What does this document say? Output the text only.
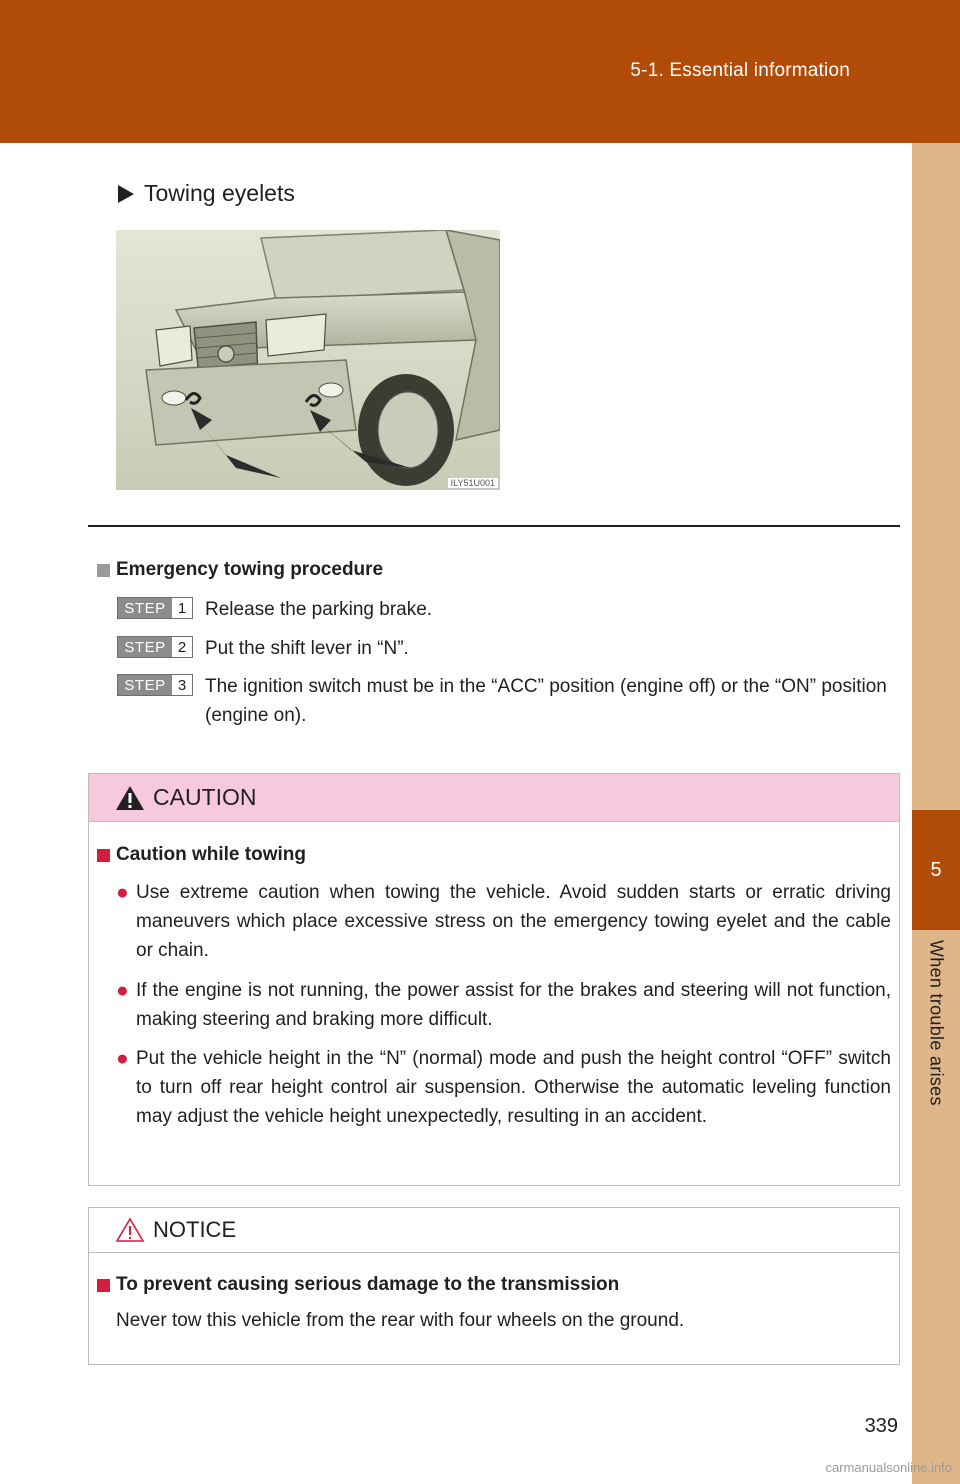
5-1. Essential information
5
When trouble arises
Towing eyelets
ILY51U001
Emergency towing procedure
STEP 1 Release the parking brake.
STEP 2 Put the shift lever in “N”.
STEP 3 The ignition switch must be in the “ACC” position (engine off) or the “ON” position (engine on).
CAUTION
Caution while towing
● Use extreme caution when towing the vehicle. Avoid sudden starts or erratic driving maneuvers which place excessive stress on the emergency towing eyelet and the cable or chain.
● If the engine is not running, the power assist for the brakes and steering will not function, making steering and braking more difficult.
● Put the vehicle height in the “N” (normal) mode and push the height control “OFF” switch to turn off rear height control air suspension. Otherwise the automatic leveling function may adjust the vehicle height unexpectedly, resulting in an accident.
NOTICE
To prevent causing serious damage to the transmission
Never tow this vehicle from the rear with four wheels on the ground.
339
carmanualsonline.info
